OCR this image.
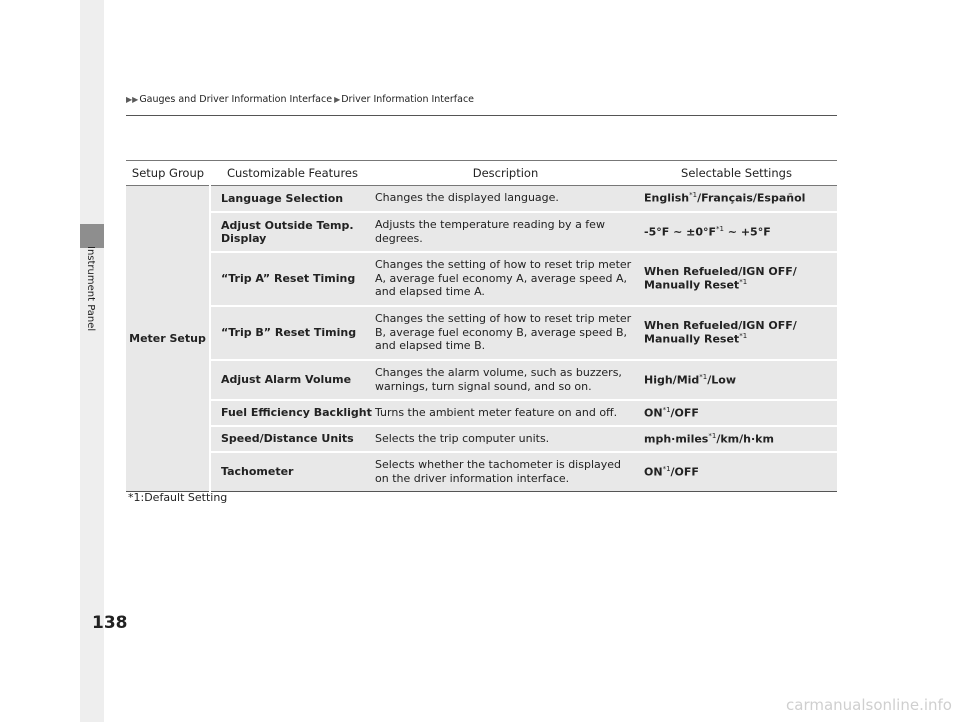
Instrument Panel
▶▶ Gauges and Driver Information Interface ▶ Driver Information Interface
Setup Group	Customizable Features	Description	Selectable Settings
Meter Setup	Language Selection	Changes the displayed language.	English$^{*1}$/Français/Español
	Adjust Outside Temp. Display	Adjusts the temperature reading by a few degrees.	-5°F ~ $\pm 0^\circ F^{*1}$ ~ +5°F
	“Trip A” Reset Timing	Changes the setting of how to reset trip meter A, average fuel economy A, average speed A, and elapsed time A.	When Refueled/IGN OFF/ Manually Reset$^{*1}$
	“Trip B” Reset Timing	Changes the setting of how to reset trip meter B, average fuel economy B, average speed B, and elapsed time B.	When Refueled/IGN OFF/ Manually Reset$^{*1}$
	Adjust Alarm Volume	Changes the alarm volume, such as buzzers, warnings, turn signal sound, and so on.	High/Mid$^{*1}$/Low
	Fuel Efficiency Backlight	Turns the ambient meter feature on and off.	ON$^{*1}$/OFF
	Speed/Distance Units	Selects the trip computer units.	mph·miles$^{*1}$/km/h·km
	Tachometer	Selects whether the tachometer is displayed on the driver information interface.	ON$^{*1}$/OFF
*1:Default Setting
138
carmanualsonline.info
